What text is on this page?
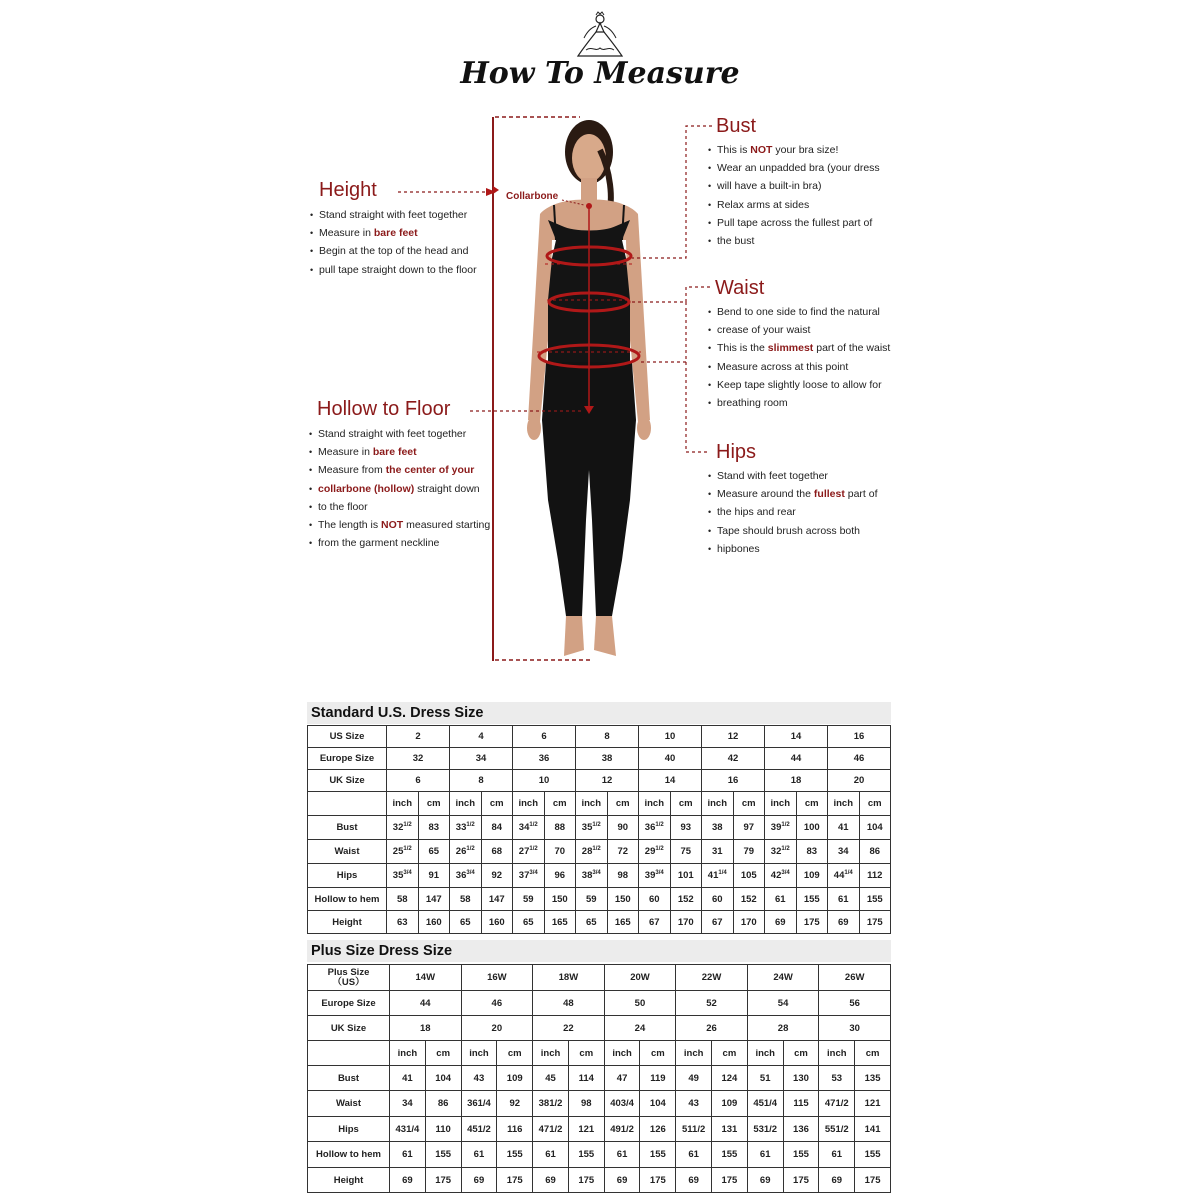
How To Measure
Collarbone
Height
• Stand straight with feet together
• Measure in bare feet
• Begin at the top of the head and
• pull tape straight down to the floor
Hollow to Floor
• Stand straight with feet together
• Measure in bare feet
• Measure from the center of your
• collarbone (hollow) straight down
• to the floor
• The length is NOT measured starting
• from the garment neckline
Bust
• This is NOT your bra size!
• Wear an unpadded bra (your dress
• will have a built-in bra)
• Relax arms at sides
• Pull tape across the fullest part of
• the bust
Waist
• Bend to one side to find the natural
• crease of your waist
• This is the slimmest part of the waist
• Measure across at this point
• Keep tape slightly loose to allow for
• breathing room
Hips
• Stand with feet together
• Measure around the fullest part of
• the hips and rear
• Tape should brush across both
• hipbones
Standard U.S. Dress Size
US Size	2		4		6		8		10		12		14		16	
Europe Size	32		34		36		38		40		42		44		46	
UK Size	6		8		10		12		14		16		18		20	
	inch	cm	inch	cm	inch	cm	inch	cm	inch	cm	inch	cm	inch	cm	inch	cm
Bust	$32^{1/2}$	83	$33^{1/2}$	84	$34^{1/2}$	88	$35^{1/2}$	90	$36^{1/2}$	93	38	97	$39^{1/2}$	100	41	104
Waist	$25^{1/2}$	65	$26^{1/2}$	68	$27^{1/2}$	70	$28^{1/2}$	72	$29^{1/2}$	75	31	79	$32^{1/2}$	83	34	86
Hips	$35^{3/4}$	91	$36^{3/4}$	92	$37^{3/4}$	96	$38^{3/4}$	98	$39^{3/4}$	101	$41^{1/4}$	105	$42^{3/4}$	109	$44^{1/4}$	112
Hollow to hem	58	147	58	147	59	150	59	150	60	152	60	152	61	155	61	155
Height	63	160	65	160	65	165	65	165	67	170	67	170	69	175	69	175
Plus Size Dress Size
Plus Size
（US）	14W		16W		18W		20W		22W		24W		26W	
Europe Size	44		46		48		50		52		54		56	
UK Size	18		20		22		24		26		28		30	
	inch	cm	inch	cm	inch	cm	inch	cm	inch	cm	inch	cm	inch	cm
Bust	41	104	43	109	45	114	47	119	49	124	51	130	53	135
Waist	34	86	361/4	92	381/2	98	403/4	104	43	109	451/4	115	471/2	121
Hips	431/4	110	451/2	116	471/2	121	491/2	126	511/2	131	531/2	136	551/2	141
Hollow to hem	61	155	61	155	61	155	61	155	61	155	61	155	61	155
Height	69	175	69	175	69	175	69	175	69	175	69	175	69	175
